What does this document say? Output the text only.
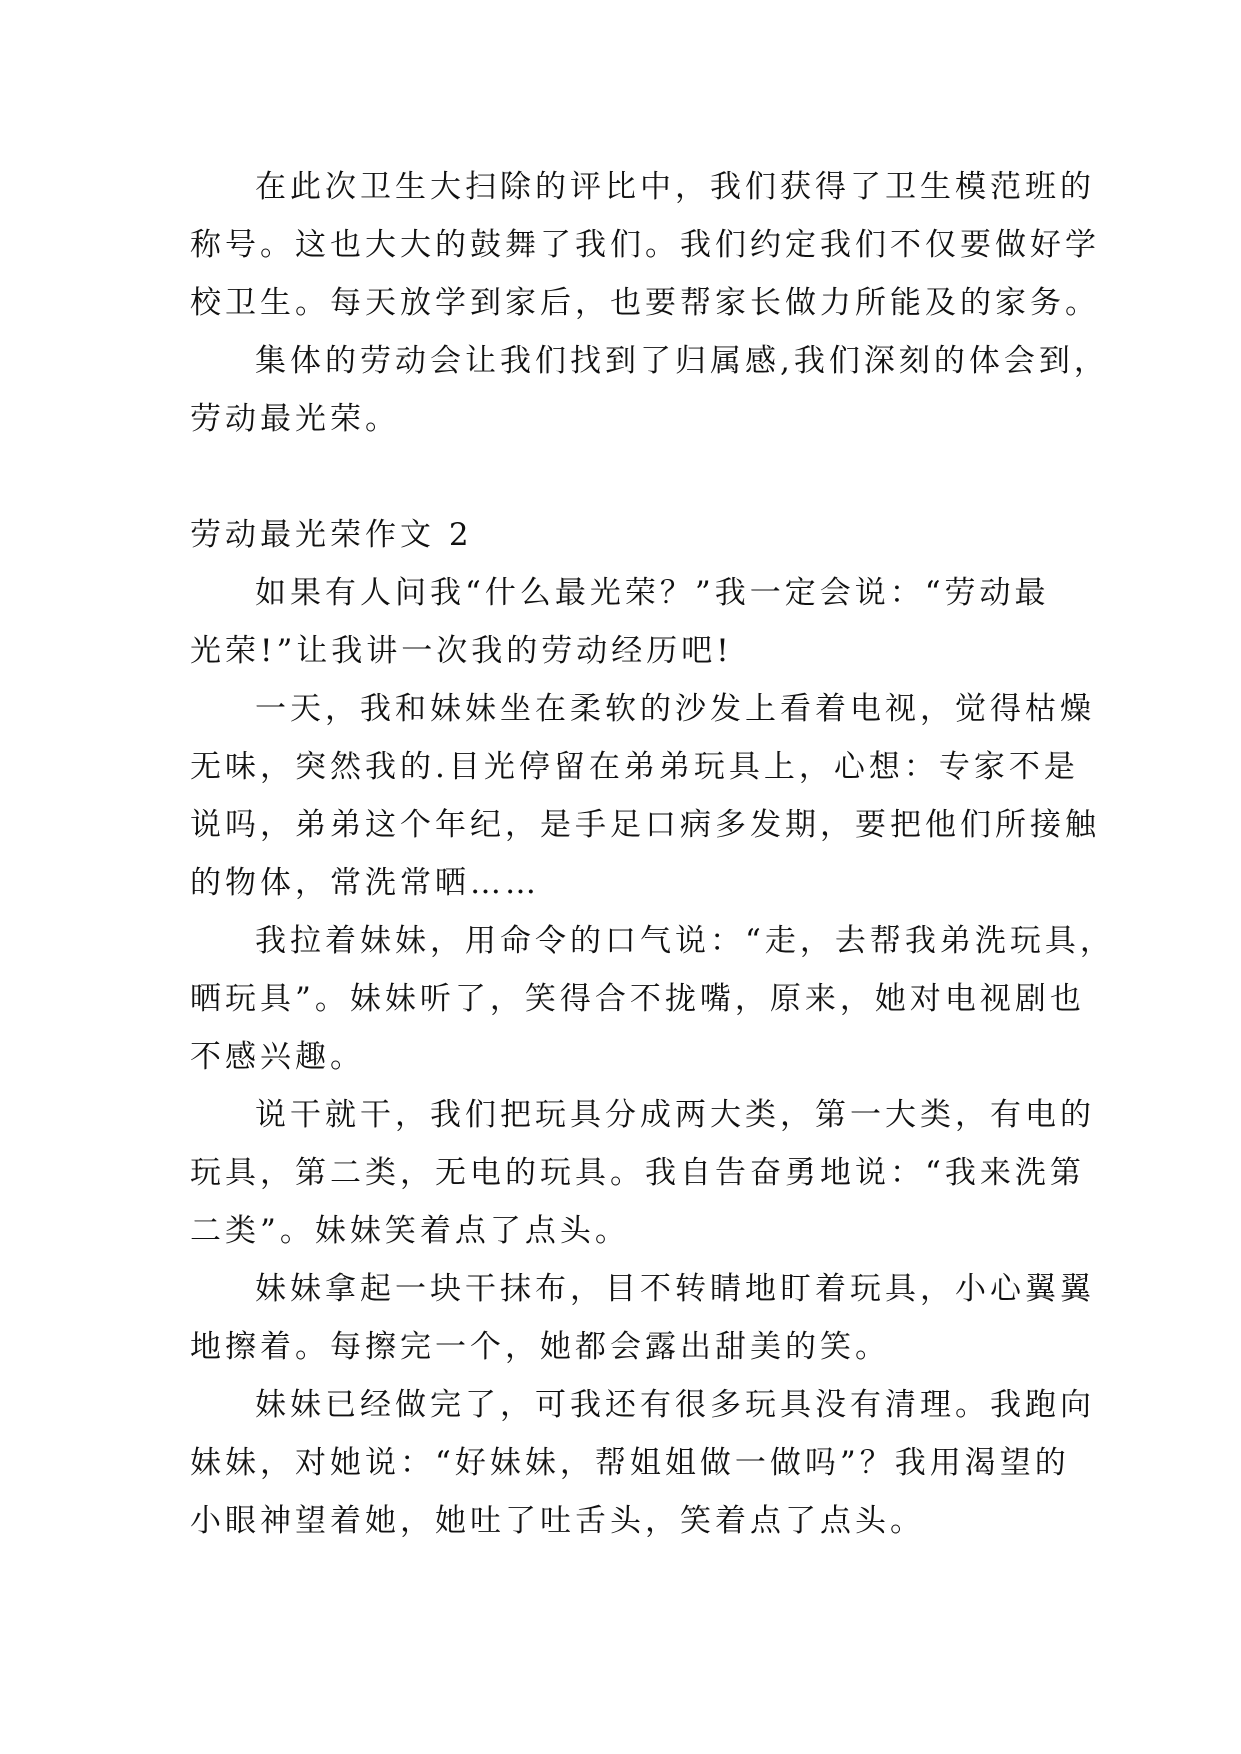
在此次卫生大扫除的评比中，我们获得了卫生模范班的
称号。这也大大的鼓舞了我们。我们约定我们不仅要做好学
校卫生。每天放学到家后，也要帮家长做力所能及的家务。
集体的劳动会让我们找到了归属感,我们深刻的体会到，
劳动最光荣。
劳动最光荣作文 2
如果有人问我“什么最光荣？”我一定会说：“劳动最
光荣!”让我讲一次我的劳动经历吧!
一天，我和妹妹坐在柔软的沙发上看着电视，觉得枯燥
无味，突然我的.目光停留在弟弟玩具上，心想：专家不是
说吗，弟弟这个年纪，是手足口病多发期，要把他们所接触
的物体，常洗常晒……
我拉着妹妹，用命令的口气说：“走，去帮我弟洗玩具，
晒玩具”。妹妹听了，笑得合不拢嘴，原来，她对电视剧也
不感兴趣。
说干就干，我们把玩具分成两大类，第一大类，有电的
玩具，第二类，无电的玩具。我自告奋勇地说：“我来洗第
二类”。妹妹笑着点了点头。
妹妹拿起一块干抹布，目不转睛地盯着玩具，小心翼翼
地擦着。每擦完一个，她都会露出甜美的笑。
妹妹已经做完了，可我还有很多玩具没有清理。我跑向
妹妹，对她说：“好妹妹，帮姐姐做一做吗”？我用渴望的
小眼神望着她，她吐了吐舌头，笑着点了点头。
